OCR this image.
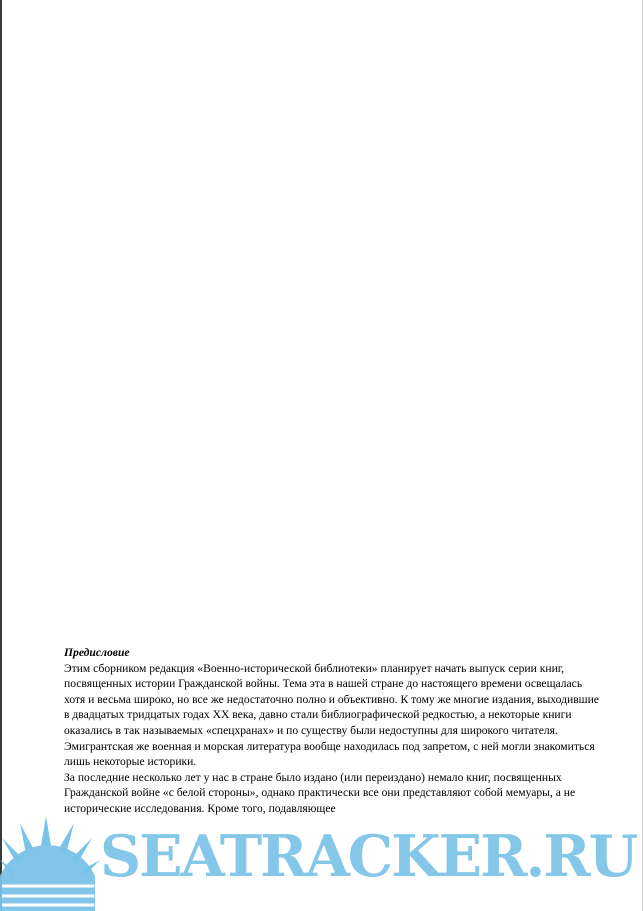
Предисловие

Этим сборником редакция «Военно-исторической библиотеки» планирует начать выпуск серии книг, посвященных истории Гражданской войны. Тема эта в нашей стране до настоящего времени освещалась хотя и весьма широко, но все же недостаточно полно и объективно. К тому же многие издания, выходившие в двадцатых тридцатых годах XX века, давно стали библиографической редкостью, а некоторые книги оказались в так называемых «спецхранах» и по существу были недоступны для широкого читателя. Эмигрантская же военная и морская литература вообще находилась под запретом, с ней могли знакомиться лишь некоторые историки.

За последние несколько лет у нас в стране было издано (или переиздано) немало книг, посвященных Гражданской войне «с белой стороны», однако практически все они представляют собой мемуары, а не исторические исследования. Кроме того, подавляющее

SEATRACKER.RU
